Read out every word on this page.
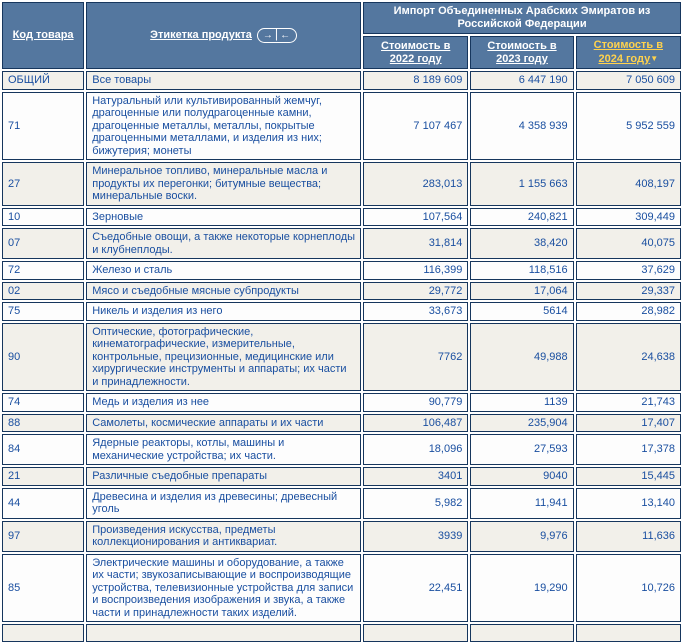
Код товара	Этикетка продукта →⎮←	Импорт Объединенных Арабских Эмиратов из Российской Федерации		
		Стоимость в 2022 году	Стоимость в 2023 году	Стоимость в 2024 году▼
ОБЩИЙ	Все товары	8 189 609	6 447 190	7 050 609
71	Натуральный или культивированный жемчуг, драгоценные или полудрагоценные камни, драгоценные металлы, металлы, покрытые драгоценными металлами, и изделия из них; бижутерия; монеты	7 107 467	4 358 939	5 952 559
27	Минеральное топливо, минеральные масла и продукты их перегонки; битумные вещества; минеральные воски.	283,013	1 155 663	408,197
10	Зерновые	107,564	240,821	309,449
07	Съедобные овощи, а также некоторые корнеплоды и клубнеплоды.	31,814	38,420	40,075
72	Железо и сталь	116,399	118,516	37,629
02	Мясо и съедобные мясные субпродукты	29,772	17,064	29,337
75	Никель и изделия из него	33,673	5614	28,982
90	Оптические, фотографические, кинематографические, измерительные, контрольные, прецизионные, медицинские или хирургические инструменты и аппараты; их части и принадлежности.	7762	49,988	24,638
74	Медь и изделия из нее	90,779	1139	21,743
88	Самолеты, космические аппараты и их части	106,487	235,904	17,407
84	Ядерные реакторы, котлы, машины и механические устройства; их части.	18,096	27,593	17,378
21	Различные съедобные препараты	3401	9040	15,445
44	Древесина и изделия из древесины; древесный уголь	5,982	11,941	13,140
97	Произведения искусства, предметы коллекционирования и антиквариат.	3939	9,976	11,636
85	Электрические машины и оборудование, а также их части; звукозаписывающие и воспроизводящие устройства, телевизионные устройства для записи и воспроизведения изображения и звука, а также части и принадлежности таких изделий.	22,451	19,290	10,726
